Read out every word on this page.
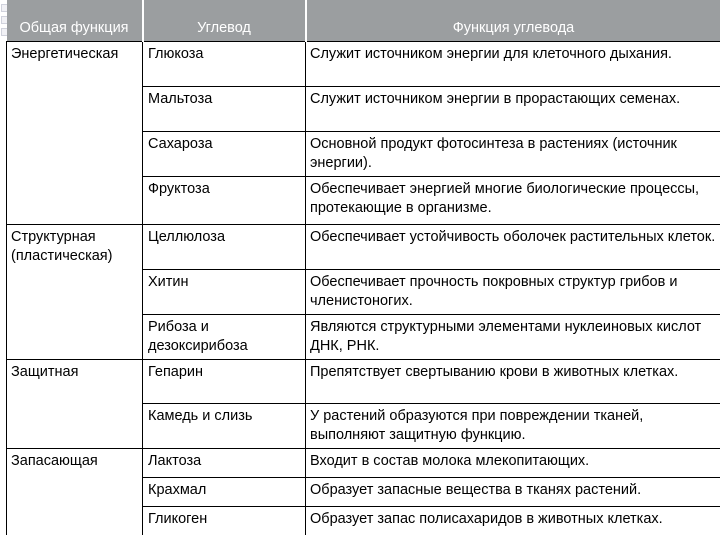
Общая функция	Углевод	Функция углевода
Энергетическая	Глюкоза	Служит источником энергии для клеточного дыхания.
	Мальтоза	Служит источником энергии в прорастающих семенах.
	Сахароза	Основной продукт фотосинтеза в растениях (источник энергии).
	Фруктоза	Обеспечивает энергией многие биологические процессы, протекающие в организме.
Структурная (пластическая)	Целлюлоза	Обеспечивает устойчивость оболочек растительных клеток.
	Хитин	Обеспечивает прочность покровных структур грибов и членистоногих.
	Рибоза и дезоксирибоза	Являются структурными элементами нуклеиновых кислот ДНК, РНК.
Защитная	Гепарин	Препятствует свертыванию крови в животных клетках.
	Камедь и слизь	У растений образуются при повреждении тканей, выполняют защитную функцию.
Запасающая	Лактоза	Входит в состав молока млекопитающих.
	Крахмал	Образует запасные вещества в тканях растений.
	Гликоген	Образует запас полисахаридов в животных клетках.
